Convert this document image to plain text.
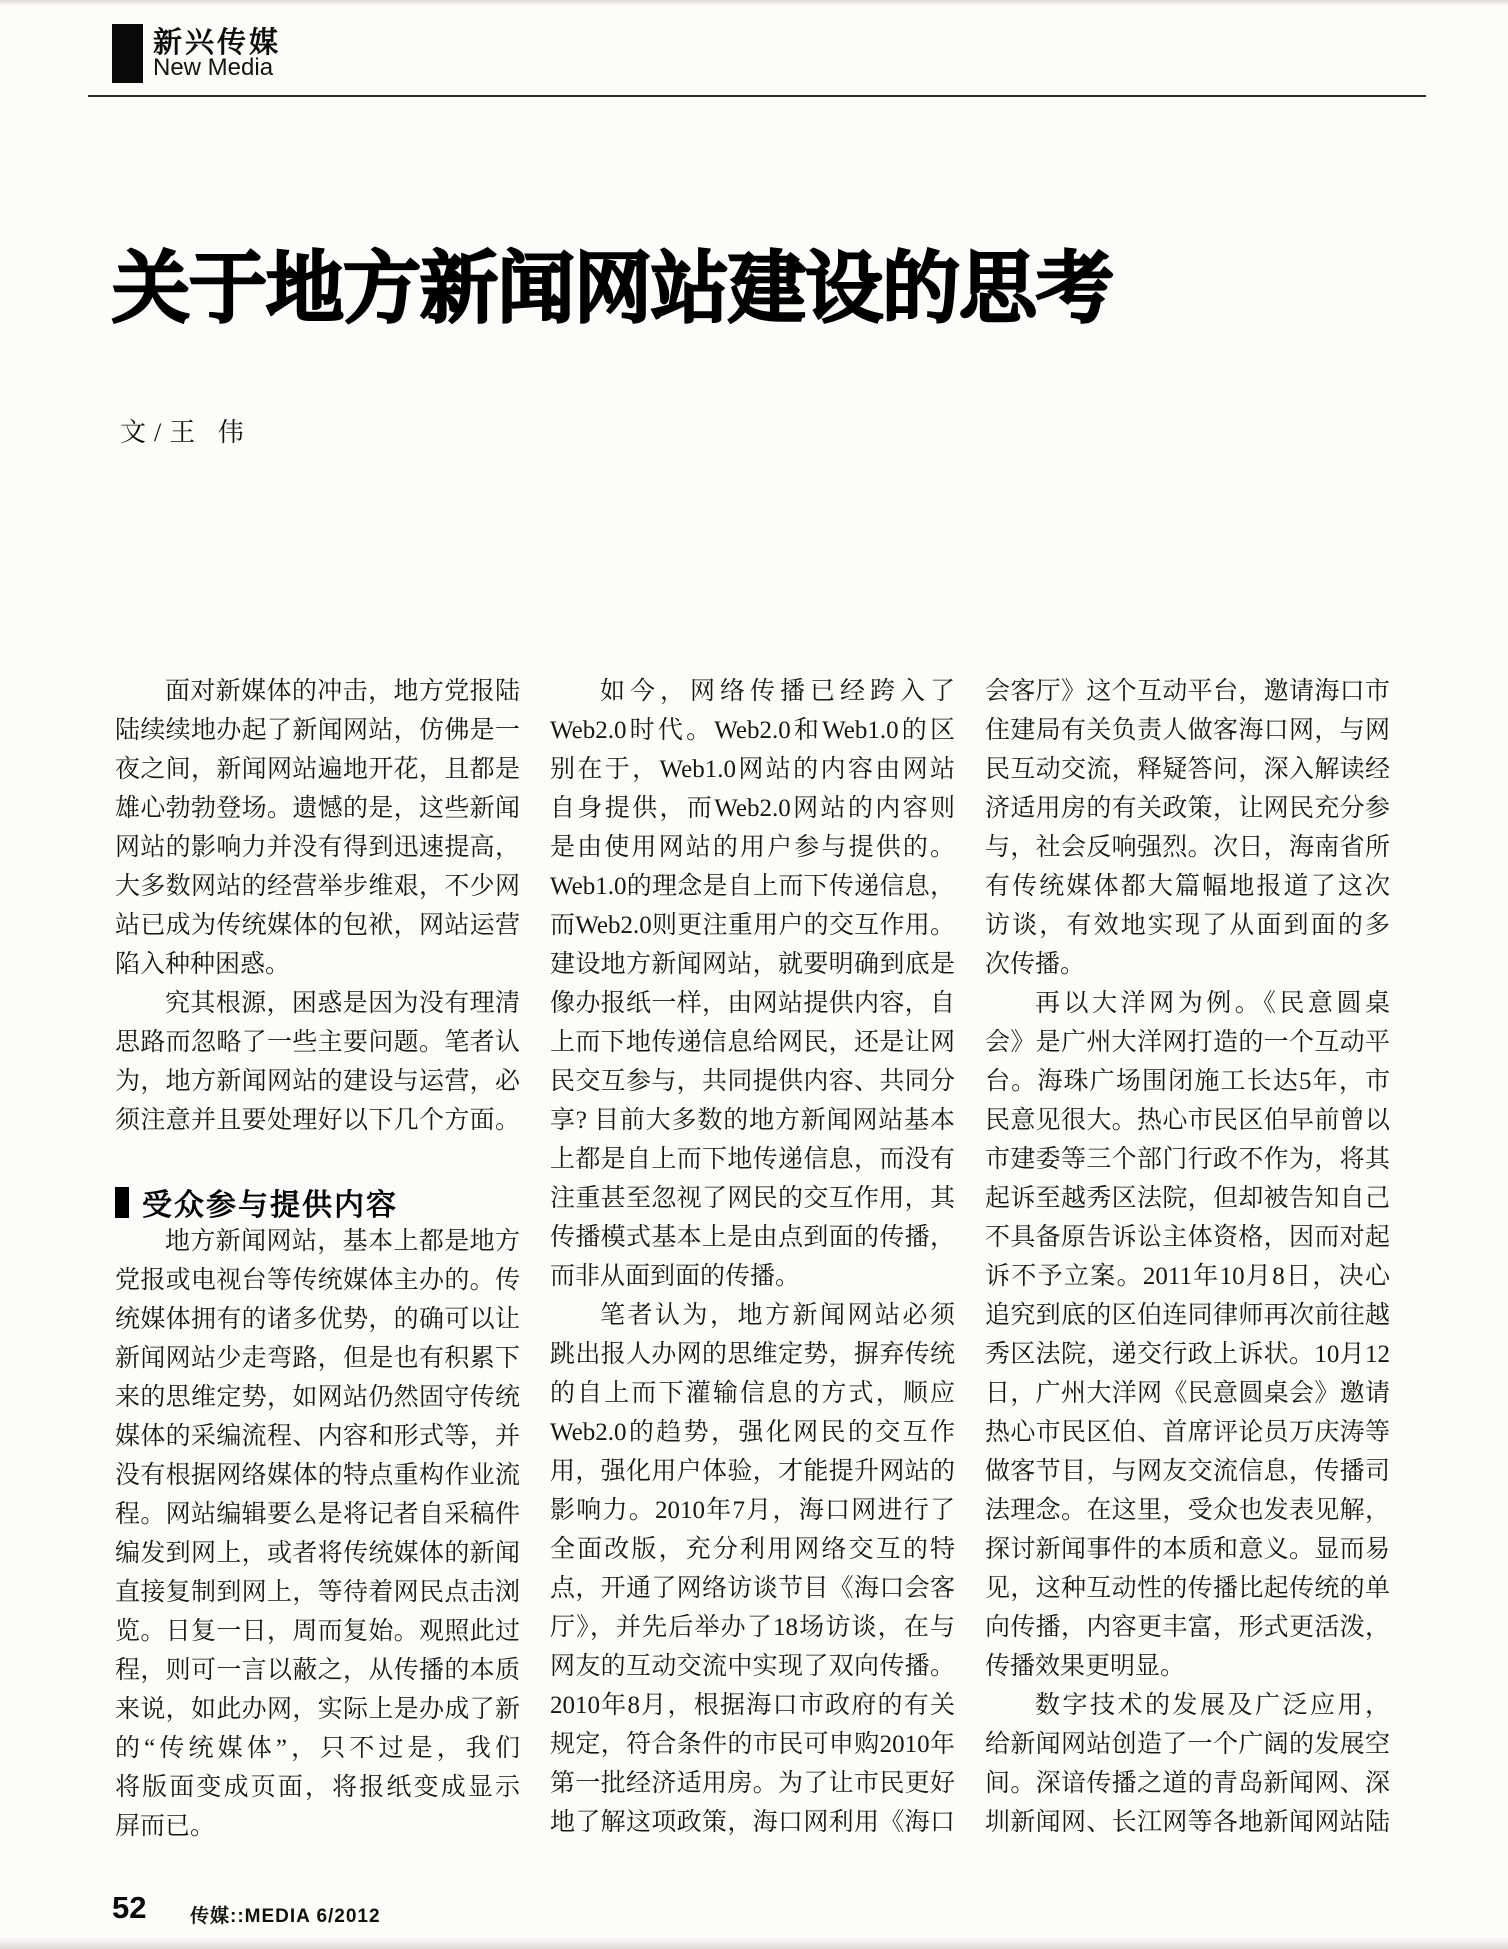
新兴传媒
New Media
关于地方新闻网站建设的思考
文/王 伟
面对新媒体的冲击，地方党报陆
陆续续地办起了新闻网站，仿佛是一
夜之间，新闻网站遍地开花，且都是
雄心勃勃登场。遗憾的是，这些新闻
网站的影响力并没有得到迅速提高，
大多数网站的经营举步维艰，不少网
站已成为传统媒体的包袱，网站运营
陷入种种困惑。
究其根源，困惑是因为没有理清
思路而忽略了一些主要问题。笔者认
为，地方新闻网站的建设与运营，必
须注意并且要处理好以下几个方面。
受众参与提供内容
地方新闻网站，基本上都是地方
党报或电视台等传统媒体主办的。传
统媒体拥有的诸多优势，的确可以让
新闻网站少走弯路，但是也有积累下
来的思维定势，如网站仍然固守传统
媒体的采编流程、内容和形式等，并
没有根据网络媒体的特点重构作业流
程。网站编辑要么是将记者自采稿件
编发到网上，或者将传统媒体的新闻
直接复制到网上，等待着网民点击浏
览。日复一日，周而复始。观照此过
程，则可一言以蔽之，从传播的本质
来说，如此办网，实际上是办成了新
的“传统媒体”，只不过是，我们
将版面变成页面，将报纸变成显示
屏而已。
如今，网络传播已经跨入了
Web2.0时代。Web2.0和Web1.0的区
别在于，Web1.0网站的内容由网站
自身提供，而Web2.0网站的内容则
是由使用网站的用户参与提供的。
Web1.0的理念是自上而下传递信息，
而Web2.0则更注重用户的交互作用。
建设地方新闻网站，就要明确到底是
像办报纸一样，由网站提供内容，自
上而下地传递信息给网民，还是让网
民交互参与，共同提供内容、共同分
享? 目前大多数的地方新闻网站基本
上都是自上而下地传递信息，而没有
注重甚至忽视了网民的交互作用，其
传播模式基本上是由点到面的传播，
而非从面到面的传播。
笔者认为，地方新闻网站必须
跳出报人办网的思维定势，摒弃传统
的自上而下灌输信息的方式，顺应
Web2.0的趋势，强化网民的交互作
用，强化用户体验，才能提升网站的
影响力。2010年7月，海口网进行了
全面改版，充分利用网络交互的特
点，开通了网络访谈节目《海口会客
厅》，并先后举办了18场访谈，在与
网友的互动交流中实现了双向传播。
2010年8月，根据海口市政府的有关
规定，符合条件的市民可申购2010年
第一批经济适用房。为了让市民更好
地了解这项政策，海口网利用《海口
会客厅》这个互动平台，邀请海口市
住建局有关负责人做客海口网，与网
民互动交流，释疑答问，深入解读经
济适用房的有关政策，让网民充分参
与，社会反响强烈。次日，海南省所
有传统媒体都大篇幅地报道了这次
访谈，有效地实现了从面到面的多
次传播。
再以大洋网为例。《民意圆桌
会》是广州大洋网打造的一个互动平
台。海珠广场围闭施工长达5年，市
民意见很大。热心市民区伯早前曾以
市建委等三个部门行政不作为，将其
起诉至越秀区法院，但却被告知自己
不具备原告诉讼主体资格，因而对起
诉不予立案。2011年10月8日，决心
追究到底的区伯连同律师再次前往越
秀区法院，递交行政上诉状。10月12
日，广州大洋网《民意圆桌会》邀请
热心市民区伯、首席评论员万庆涛等
做客节目，与网友交流信息，传播司
法理念。在这里，受众也发表见解，
探讨新闻事件的本质和意义。显而易
见，这种互动性的传播比起传统的单
向传播，内容更丰富，形式更活泼，
传播效果更明显。
数字技术的发展及广泛应用，
给新闻网站创造了一个广阔的发展空
间。深谙传播之道的青岛新闻网、深
圳新闻网、长江网等各地新闻网站陆
52 传媒::MEDIA 6/2012
